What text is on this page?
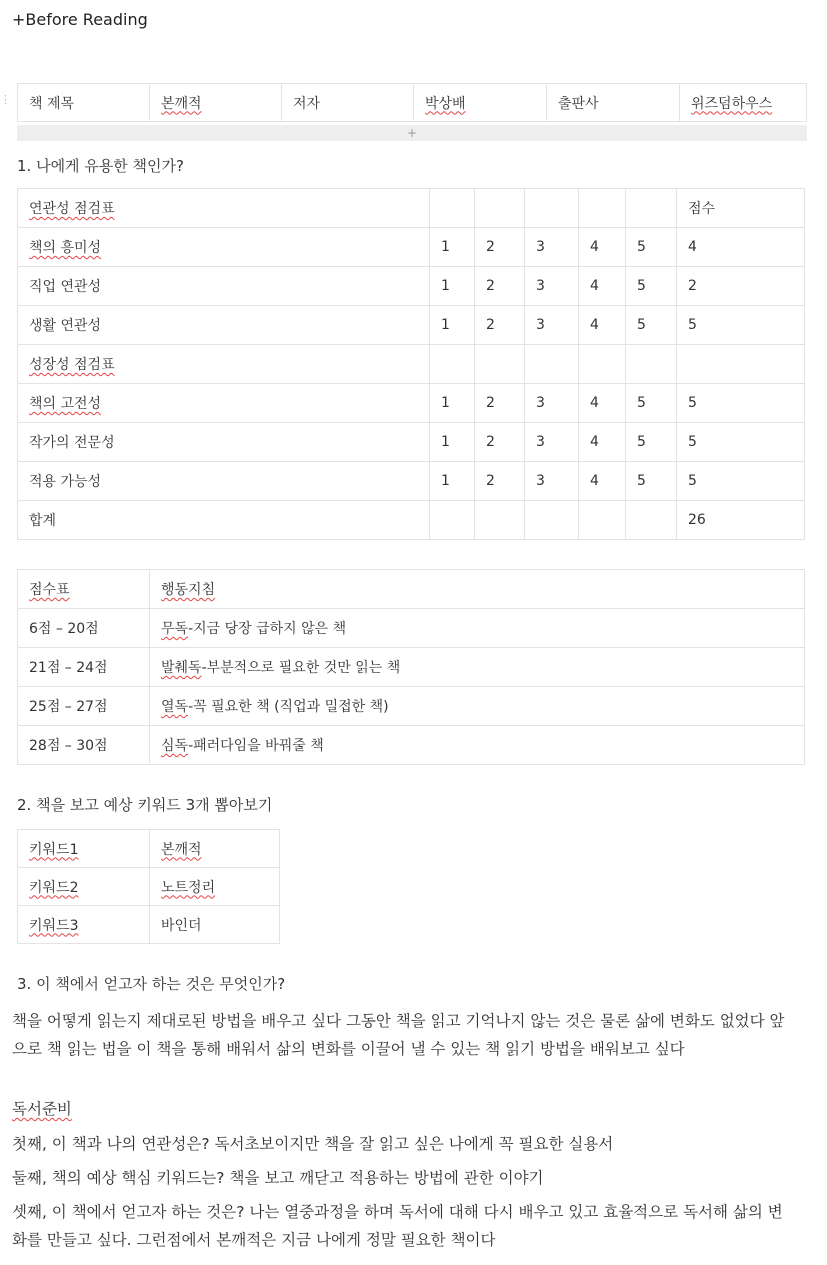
+Before Reading
⋮ 책 제목	본깨적	저자	박상배	출판사	위즈덤하우스
+
1. 나에게 유용한 책인가?
연관성 점검표						점수
책의 흥미성	1	2	3	4	5	4
직업 연관성	1	2	3	4	5	2
생활 연관성	1	2	3	4	5	5
성장성 점검표						
책의 고전성	1	2	3	4	5	5
작가의 전문성	1	2	3	4	5	5
적용 가능성	1	2	3	4	5	5
합계						26
점수표	행동지침
6점 – 20점	무독-지금 당장 급하지 않은 책
21점 – 24점	발췌독-부분적으로 필요한 것만 읽는 책
25점 – 27점	열독-꼭 필요한 책 (직업과 밀접한 책)
28점 – 30점	심독-패러다임을 바꿔줄 책
2. 책을 보고 예상 키워드 3개 뽑아보기
키워드1	본깨적
키워드2	노트정리
키워드3	바인더
3. 이 책에서 얻고자 하는 것은 무엇인가?
책을 어떻게 읽는지 제대로된 방법을 배우고 싶다 그동안 책을 읽고 기억나지 않는 것은 물론 삶에 변화도 없었다 앞으로 책 읽는 법을 이 책을 통해 배워서 삶의 변화를 이끌어 낼 수 있는 책 읽기 방법을 배워보고 싶다
독서준비
첫째, 이 책과 나의 연관성은? 독서초보이지만 책을 잘 읽고 싶은 나에게 꼭 필요한 실용서
둘째, 책의 예상 핵심 키워드는? 책을 보고 깨닫고 적용하는 방법에 관한 이야기
셋째, 이 책에서 얻고자 하는 것은? 나는 열중과정을 하며 독서에 대해 다시 배우고 있고 효율적으로 독서해 삶의 변화를 만들고 싶다. 그런점에서 본깨적은 지금 나에게 정말 필요한 책이다
